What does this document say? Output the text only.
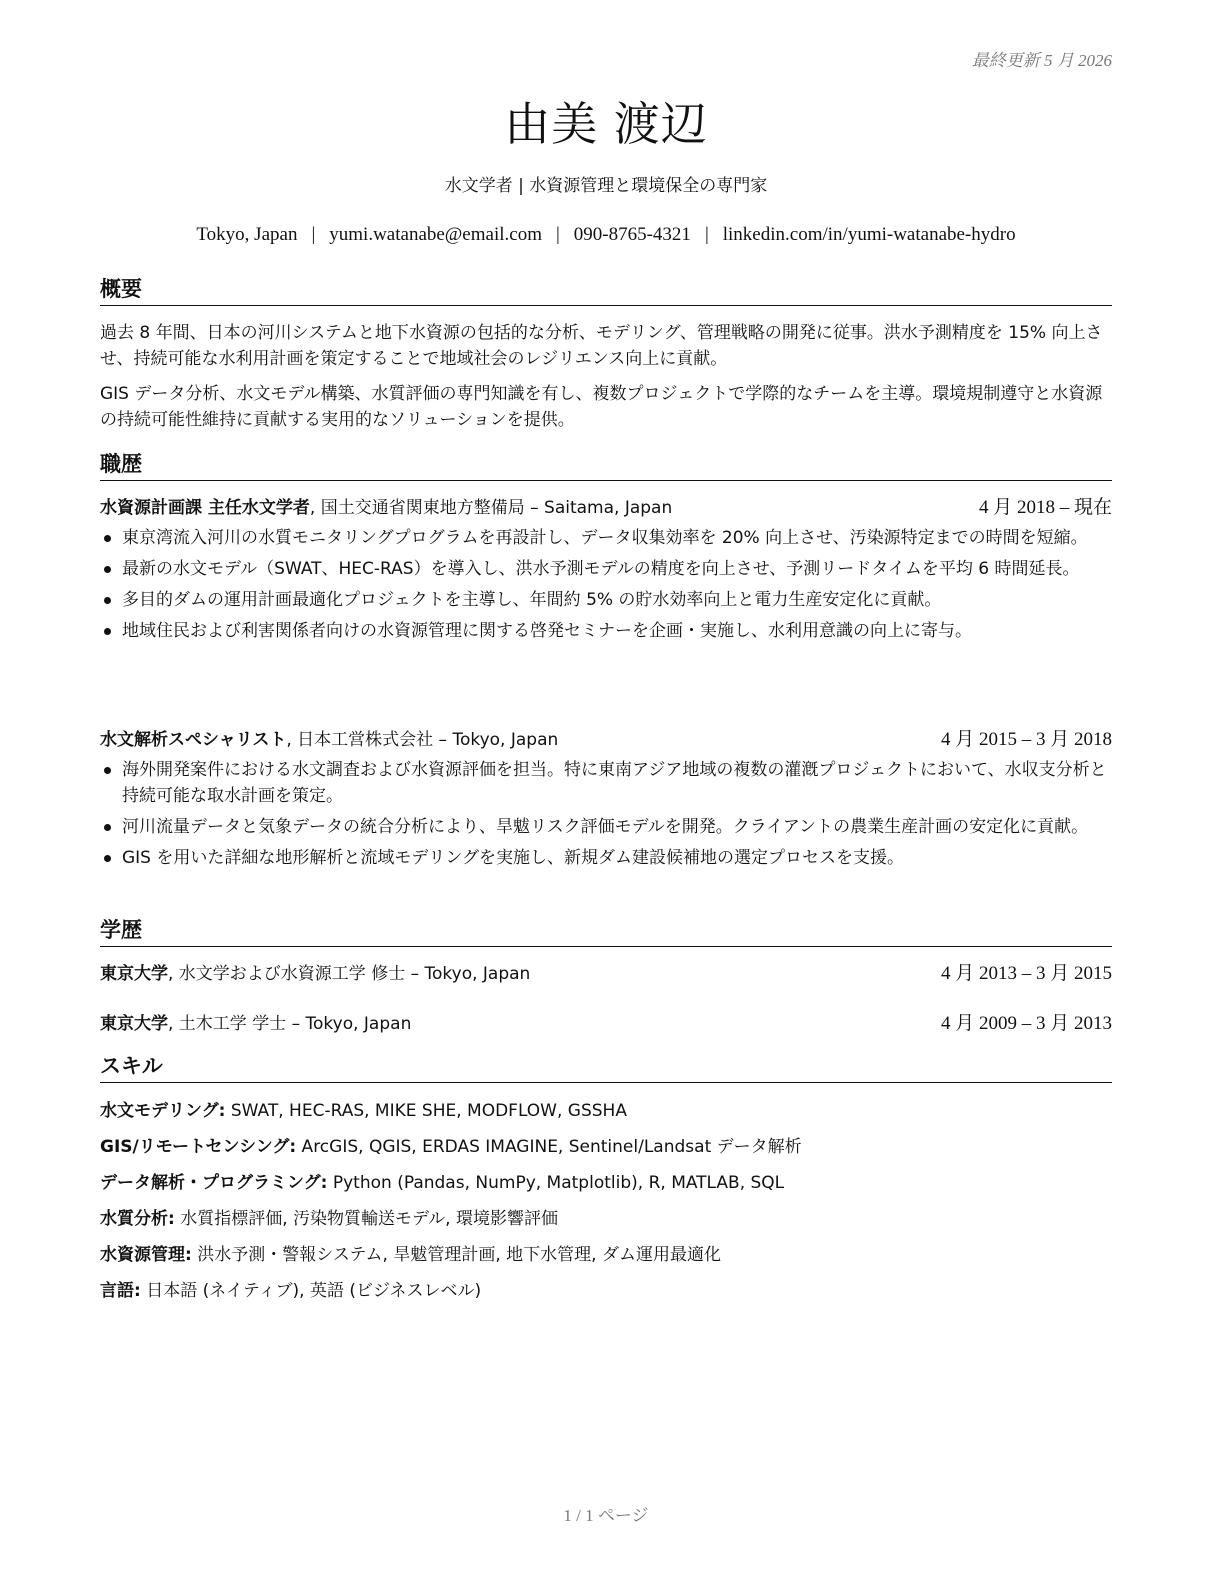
最終更新 5 月 2026
由美 渡辺
水文学者 | 水資源管理と環境保全の専門家
Tokyo, Japan | yumi.watanabe@email.com | 090-8765-4321 | linkedin.com/in/yumi-watanabe-hydro
概要

過去 8 年間、日本の河川システムと地下水資源の包括的な分析、モデリング、管理戦略の開発に従事。洪水予測精度を 15% 向上させ、持続可能な水利用計画を策定することで地域社会のレジリエンス向上に貢献。

GIS データ分析、水文モデル構築、水質評価の専門知識を有し、複数プロジェクトで学際的なチームを主導。環境規制遵守と水資源の持続可能性維持に貢献する実用的なソリューションを提供。

職歴
水資源計画課 主任水文学者, 国土交通省関東地方整備局 – Saitama, Japan	4 月 2018 – 現在
東京湾流入河川の水質モニタリングプログラムを再設計し、データ収集効率を 20% 向上させ、汚染源特定までの時間を短縮。
最新の水文モデル（SWAT、HEC-RAS）を導入し、洪水予測モデルの精度を向上させ、予測リードタイムを平均 6 時間延長。
多目的ダムの運用計画最適化プロジェクトを主導し、年間約 5% の貯水効率向上と電力生産安定化に貢献。
地域住民および利害関係者向けの水資源管理に関する啓発セミナーを企画・実施し、水利用意識の向上に寄与。
水文解析スペシャリスト, 日本工営株式会社 – Tokyo, Japan	4 月 2015 – 3 月 2018
海外開発案件における水文調査および水資源評価を担当。特に東南アジア地域の複数の灌漑プロジェクトにおいて、水収支分析と持続可能な取水計画を策定。
河川流量データと気象データの統合分析により、旱魃リスク評価モデルを開発。クライアントの農業生産計画の安定化に貢献。
GIS を用いた詳細な地形解析と流域モデリングを実施し、新規ダム建設候補地の選定プロセスを支援。
学歴
東京大学, 水文学および水資源工学 修士 – Tokyo, Japan	4 月 2013 – 3 月 2015
東京大学, 土木工学 学士 – Tokyo, Japan	4 月 2009 – 3 月 2013
スキル
水文モデリング: SWAT, HEC-RAS, MIKE SHE, MODFLOW, GSSHA
GIS/リモートセンシング: ArcGIS, QGIS, ERDAS IMAGINE, Sentinel/Landsat データ解析
データ解析・プログラミング: Python (Pandas, NumPy, Matplotlib), R, MATLAB, SQL
水質分析: 水質指標評価, 汚染物質輸送モデル, 環境影響評価
水資源管理: 洪水予測・警報システム, 旱魃管理計画, 地下水管理, ダム運用最適化
言語: 日本語 (ネイティブ), 英語 (ビジネスレベル)
1 / 1 ページ
